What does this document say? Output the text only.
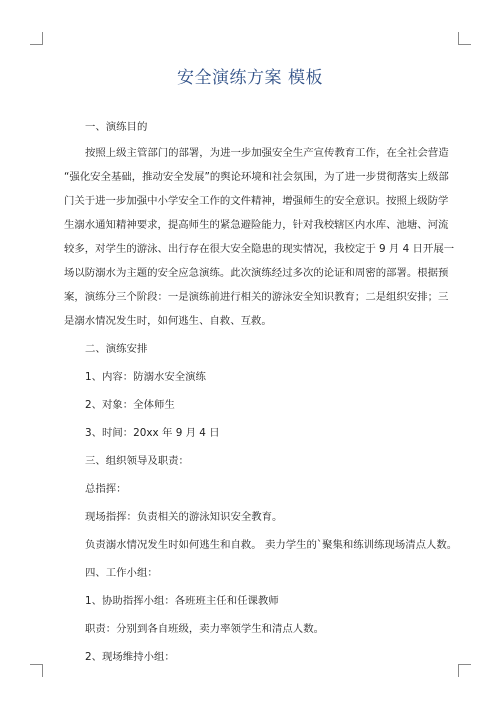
安全演练方案 模板
一、演练目的
按照上级主管部门的部署，为进一步加强安全生产宣传教育工作，在全社会营造
“强化安全基础，推动安全发展”的舆论环境和社会氛围，为了进一步贯彻落实上级部
门关于进一步加强中小学安全工作的文件精神，增强师生的安全意识。按照上级防学
生溺水通知精神要求，提高师生的紧急避险能力，针对我校辖区内水库、池塘、河流
较多，对学生的游泳、出行存在很大安全隐患的现实情况，我校定于 9 月 4 日开展一
场以防溺水为主题的安全应急演练。此次演练经过多次的论证和周密的部署。根据预
案，演练分三个阶段：一是演练前进行相关的游泳安全知识教育；二是组织安排；三
是溺水情况发生时，如何逃生、自救、互救。
二、演练安排
1、内容：防溺水安全演练
2、对象：全体师生
3、时间：20xx 年 9 月 4 日
三、组织领导及职责：
总指挥：
现场指挥：负责相关的游泳知识安全教育。
负责溺水情况发生时如何逃生和自救。 卖力学生的`聚集和练训练现场清点人数。
四、工作小组：
1、协助指挥小组：各班班主任和任课教师
职责：分别到各自班级，卖力率领学生和清点人数。
2、现场维持小组：
